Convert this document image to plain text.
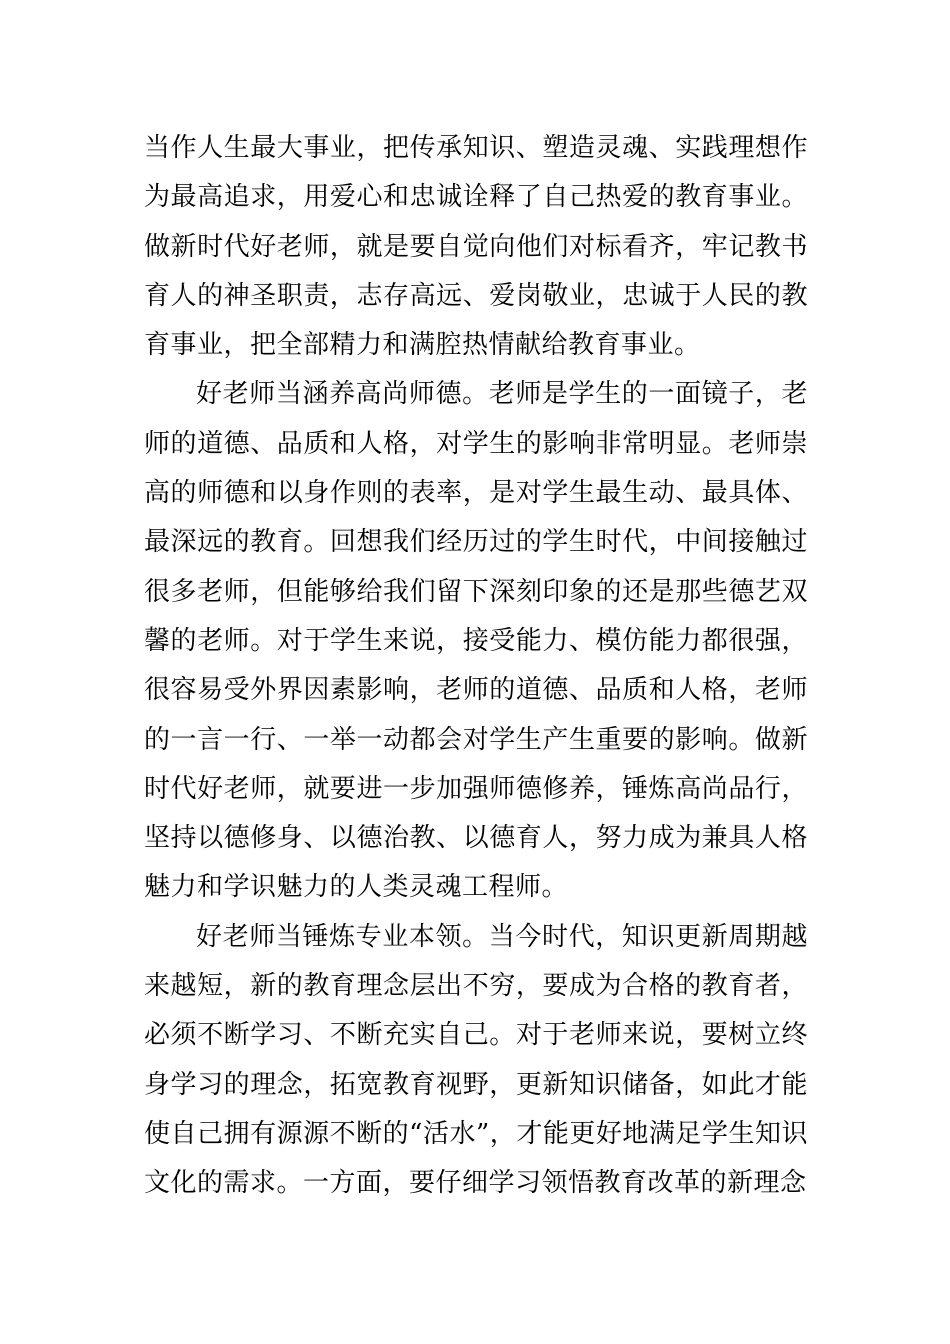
当作人生最大事业，把传承知识、塑造灵魂、实践理想作为最高追求，用爱心和忠诚诠释了自己热爱的教育事业。做新时代好老师，就是要自觉向他们对标看齐，牢记教书育人的神圣职责，志存高远、爱岗敬业，忠诚于人民的教育事业，把全部精力和满腔热情献给教育事业。

好老师当涵养高尚师德。老师是学生的一面镜子，老师的道德、品质和人格，对学生的影响非常明显。老师崇高的师德和以身作则的表率，是对学生最生动、最具体、最深远的教育。回想我们经历过的学生时代，中间接触过很多老师，但能够给我们留下深刻印象的还是那些德艺双馨的老师。对于学生来说，接受能力、模仿能力都很强，很容易受外界因素影响，老师的道德、品质和人格，老师的一言一行、一举一动都会对学生产生重要的影响。做新时代好老师，就要进一步加强师德修养，锤炼高尚品行，坚持以德修身、以德治教、以德育人，努力成为兼具人格魅力和学识魅力的人类灵魂工程师。

好老师当锤炼专业本领。当今时代，知识更新周期越来越短，新的教育理念层出不穷，要成为合格的教育者，必须不断学习、不断充实自己。对于老师来说，要树立终身学习的理念，拓宽教育视野，更新知识储备，如此才能使自己拥有源源不断的“活水”，才能更好地满足学生知识文化的需求。一方面，要仔细学习领悟教育改革的新理念
